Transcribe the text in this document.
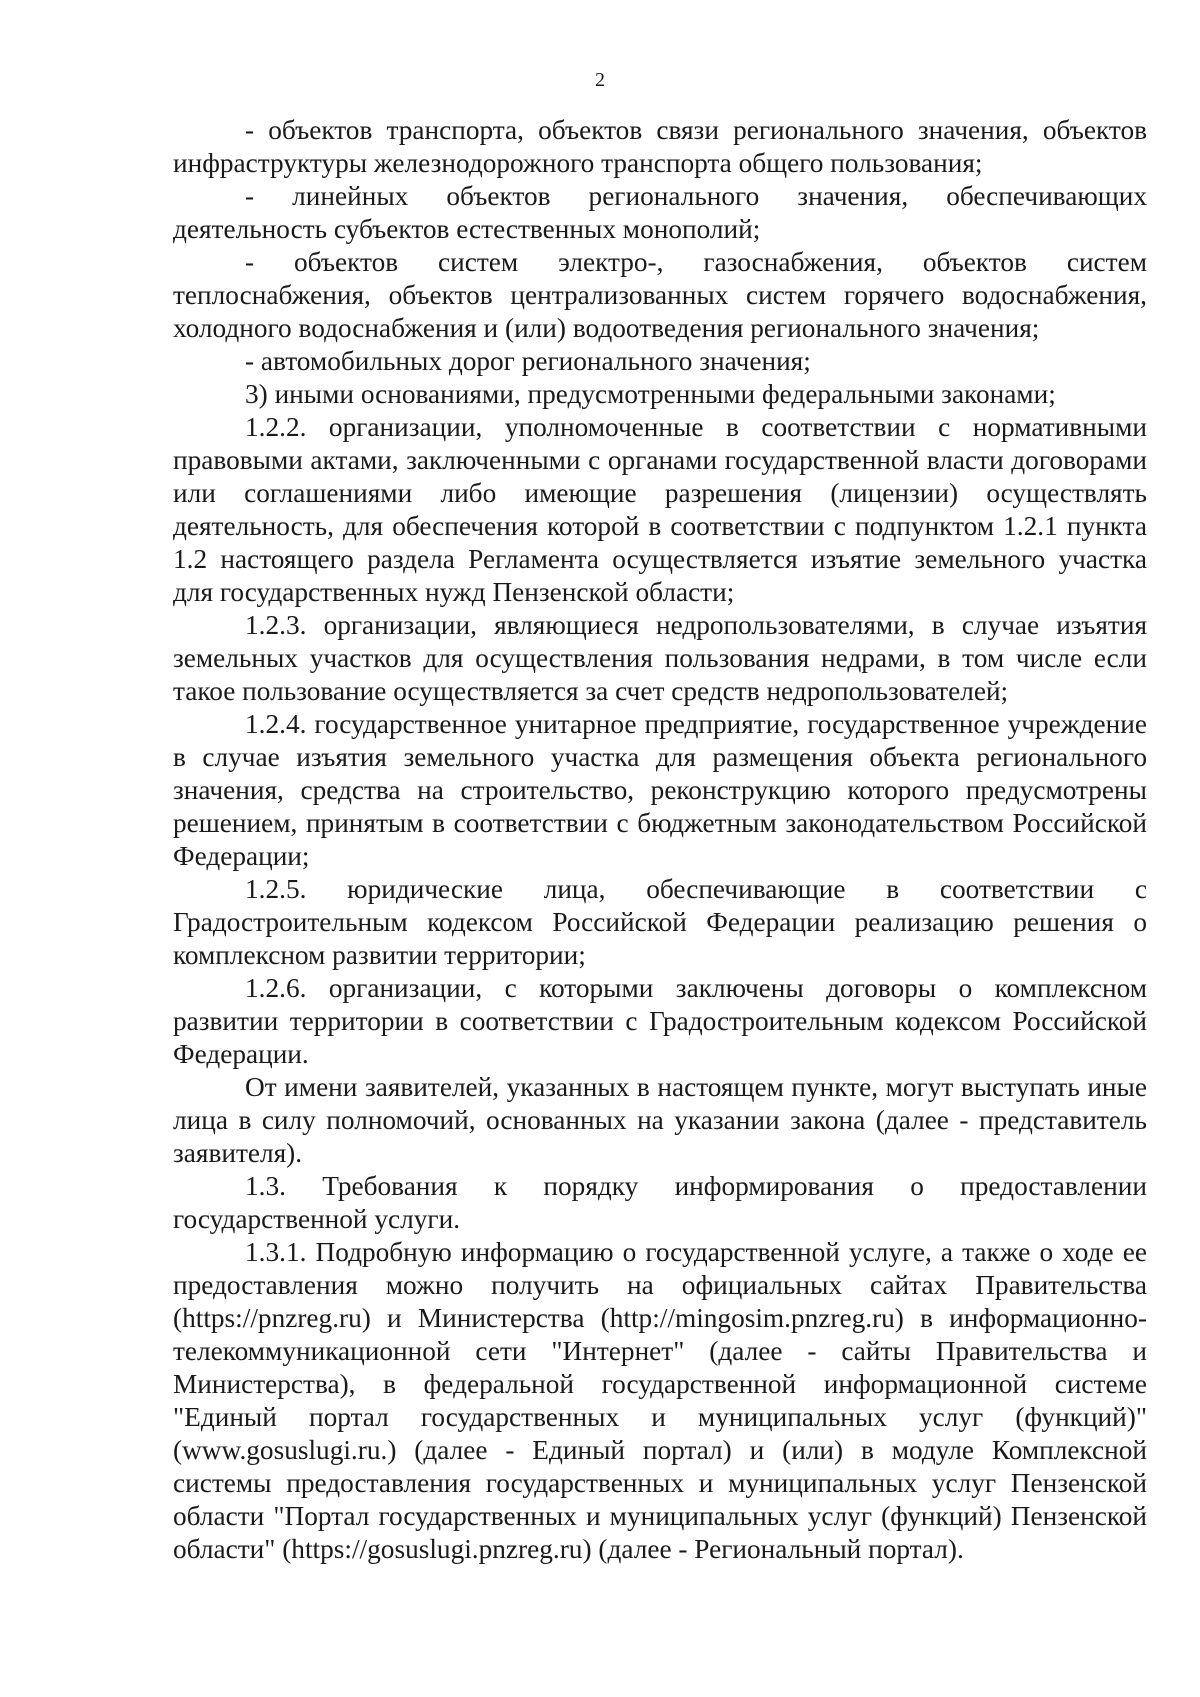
2

- объектов транспорта, объектов связи регионального значения, объектов инфраструктуры железнодорожного транспорта общего пользования;

- линейных объектов регионального значения, обеспечивающих деятельность субъектов естественных монополий;

- объектов систем электро-, газоснабжения, объектов систем теплоснабжения, объектов централизованных систем горячего водоснабжения, холодного водоснабжения и (или) водоотведения регионального значения;

- автомобильных дорог регионального значения;

3) иными основаниями, предусмотренными федеральными законами;

1.2.2. организации, уполномоченные в соответствии с нормативными правовыми актами, заключенными с органами государственной власти договорами или соглашениями либо имеющие разрешения (лицензии) осуществлять деятельность, для обеспечения которой в соответствии с подпунктом 1.2.1 пункта 1.2 настоящего раздела Регламента осуществляется изъятие земельного участка для государственных нужд Пензенской области;

1.2.3. организации, являющиеся недропользователями, в случае изъятия земельных участков для осуществления пользования недрами, в том числе если такое пользование осуществляется за счет средств недропользователей;

1.2.4. государственное унитарное предприятие, государственное учреждение в случае изъятия земельного участка для размещения объекта регионального значения, средства на строительство, реконструкцию которого предусмотрены решением, принятым в соответствии с бюджетным законодательством Российской Федерации;

1.2.5. юридические лица, обеспечивающие в соответствии с Градостроительным кодексом Российской Федерации реализацию решения о комплексном развитии территории;

1.2.6. организации, с которыми заключены договоры о комплексном развитии территории в соответствии с Градостроительным кодексом Российской Федерации.

От имени заявителей, указанных в настоящем пункте, могут выступать иные лица в силу полномочий, основанных на указании закона (далее - представитель заявителя).

1.3. Требования к порядку информирования о предоставлении государственной услуги.

1.3.1. Подробную информацию о государственной услуге, а также о ходе ее предоставления можно получить на официальных сайтах Правительства (https://pnzreg.ru) и Министерства (http://mingosim.pnzreg.ru) в информационно-телекоммуникационной сети "Интернет" (далее - сайты Правительства и Министерства), в федеральной государственной информационной системе "Единый портал государственных и муниципальных услуг (функций)" (www.gosuslugi.ru.) (далее - Единый портал) и (или) в модуле Комплексной системы предоставления государственных и муниципальных услуг Пензенской области "Портал государственных и муниципальных услуг (функций) Пензенской области" (https://gosuslugi.pnzreg.ru) (далее - Региональный портал).
